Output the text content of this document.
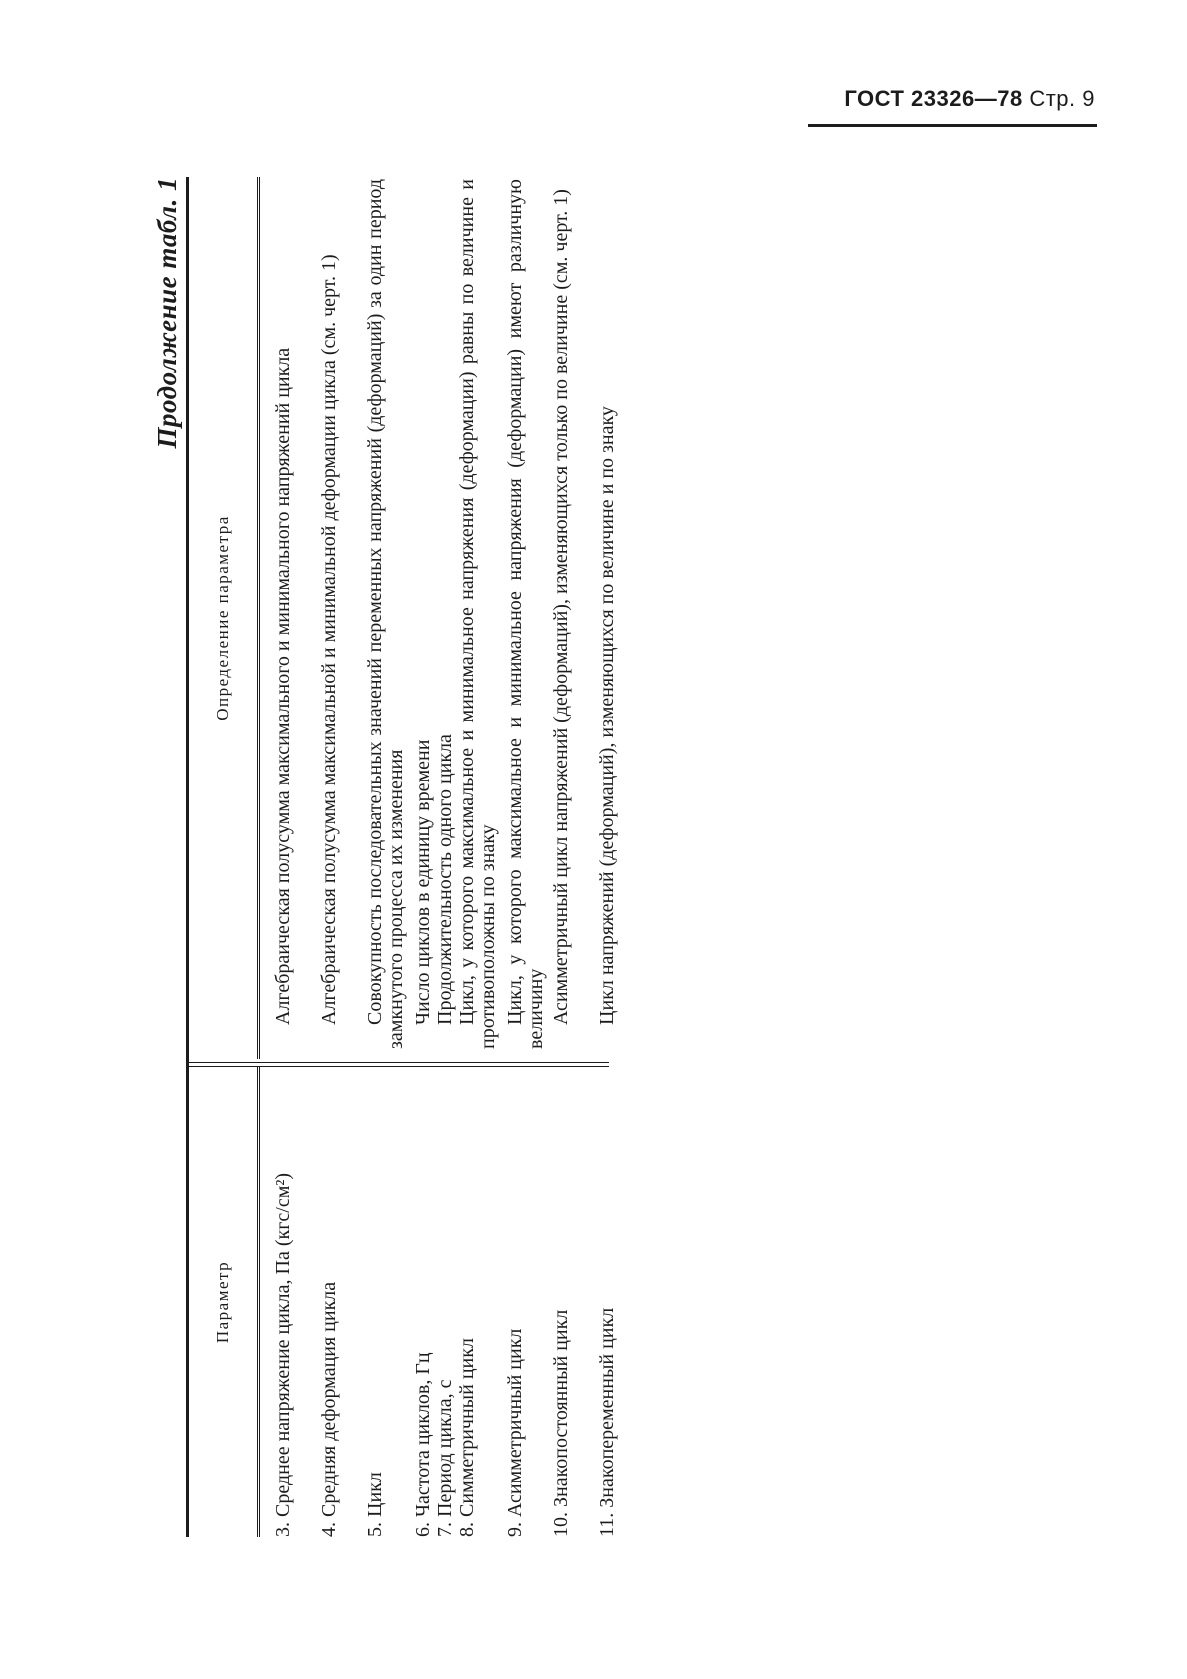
ГОСТ 23326—78 Стр. 9
Продолжение табл. 1
Параметр
Определение параметра
3. Среднее напряжение цикла, Па (кгс/см²)
Алгебраическая полусумма максимального и минимального напряжений цикла
4. Средняя деформация цикла
Алгебраическая полусумма максимальной и минимальной деформации цикла (см. черт. 1)
5. Цикл
Совокупность последовательных значений переменных напряжений (деформаций) за один период замкнутого процесса их изменения
6. Частота циклов, Гц
Число циклов в единицу времени
7. Период цикла, с
Продолжительность одного цикла
8. Симметричный цикл
Цикл, у которого максимальное и минимальное напряжения (деформации) равны по величине и противоположны по знаку
9. Асимметричный цикл
Цикл, у которого максимальное и минимальное напряжения (деформации) имеют различную величину
10. Знакопостоянный цикл
Асимметричный цикл напряжений (деформаций), изменяющихся только по величине (см. черт. 1)
11. Знакопеременный цикл
Цикл напряжений (деформаций), изменяющихся по величине и по знаку
